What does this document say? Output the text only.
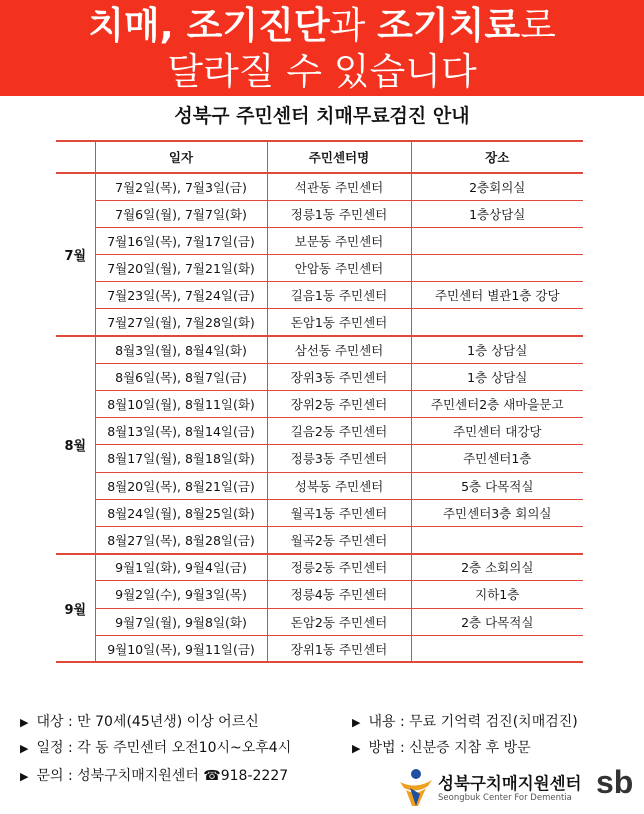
치매, 조기진단과 조기치료로
달라질 수 있습니다
성북구 주민센터 치매무료검진 안내
	일자	주민센터명	장소
7월	7월2일(목), 7월3일(금)	석관동 주민센터	2층회의실
	7월6일(월), 7월7일(화)	정릉1동 주민센터	1층상담실
	7월16일(목), 7월17일(금)	보문동 주민센터	
	7월20일(월), 7월21일(화)	안암동 주민센터	
	7월23일(목), 7월24일(금)	길음1동 주민센터	주민센터 별관1층 강당
	7월27일(월), 7월28일(화)	돈암1동 주민센터	
8월	8월3일(월), 8월4일(화)	삼선동 주민센터	1층 상담실
	8월6일(목), 8월7일(금)	장위3동 주민센터	1층 상담실
	8월10일(월), 8월11일(화)	장위2동 주민센터	주민센터2층 새마을문고
	8월13일(목), 8월14일(금)	길음2동 주민센터	주민센터 대강당
	8월17일(월), 8월18일(화)	정릉3동 주민센터	주민센터1층
	8월20일(목), 8월21일(금)	성북동 주민센터	5층 다목적실
	8월24일(월), 8월25일(화)	월곡1동 주민센터	주민센터3층 회의실
	8월27일(목), 8월28일(금)	월곡2동 주민센터	
9월	9월1일(화), 9월4일(금)	정릉2동 주민센터	2층 소회의실
	9월2일(수), 9월3일(목)	정릉4동 주민센터	지하1층
	9월7일(월), 9월8일(화)	돈암2동 주민센터	2층 다목적실
	9월10일(목), 9월11일(금)	장위1동 주민센터	
▶ 대상 : 만 70세(45년생) 이상 어르신	▶ 내용 : 무료 기억력 검진(치매검진)
▶ 일정 : 각 동 주민센터 오전10시~오후4시	▶ 방법 : 신분증 지참 후 방문
▶ 문의 : 성북구치매지원센터 ☎918-2227	성북구치매지원센터
Seongbuk Center For Dementia sb
